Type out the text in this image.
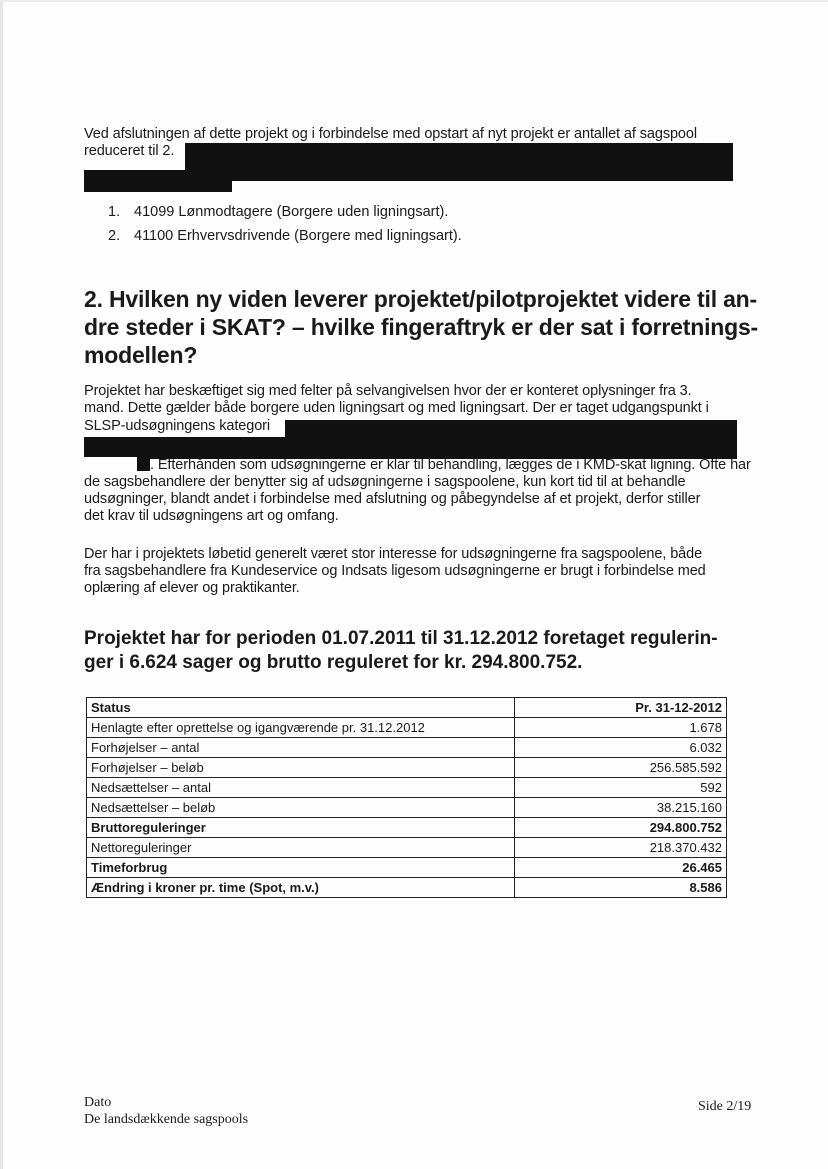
Ved afslutningen af dette projekt og i forbindelse med opstart af nyt projekt er antallet af sagspool
reduceret til 2.
1. 41099 Lønmodtagere (Borgere uden ligningsart).
2. 41100 Erhvervsdrivende (Borgere med ligningsart).
2. Hvilken ny viden leverer projektet/pilotprojektet videre til an-
dre steder i SKAT? – hvilke fingeraftryk er der sat i forretnings-
modellen?
Projektet har beskæftiget sig med felter på selvangivelsen hvor der er konteret oplysninger fra 3.
mand. Dette gælder både borgere uden ligningsart og med ligningsart. Der er taget udgangspunkt i
SLSP-udsøgningens kategori
. Efterhånden som udsøgningerne er klar til behandling, lægges de i KMD-skat ligning. Ofte har
de sagsbehandlere der benytter sig af udsøgningerne i sagspoolene, kun kort tid til at behandle
udsøgninger, blandt andet i forbindelse med afslutning og påbegyndelse af et projekt, derfor stiller
det krav til udsøgningens art og omfang.
Der har i projektets løbetid generelt været stor interesse for udsøgningerne fra sagspoolene, både
fra sagsbehandlere fra Kundeservice og Indsats ligesom udsøgningerne er brugt i forbindelse med
oplæring af elever og praktikanter.
Projektet har for perioden 01.07.2011 til 31.12.2012 foretaget regulerin-
ger i 6.624 sager og brutto reguleret for kr. 294.800.752.
Status	Pr. 31-12-2012
Henlagte efter oprettelse og igangværende pr. 31.12.2012	1.678
Forhøjelser – antal	6.032
Forhøjelser – beløb	256.585.592
Nedsættelser – antal	592
Nedsættelser – beløb	38.215.160
Bruttoreguleringer	294.800.752
Nettoreguleringer	218.370.432
Timeforbrug	26.465
Ændring i kroner pr. time (Spot, m.v.)	8.586
Dato
De landsdækkende sagspools
Side 2/19
